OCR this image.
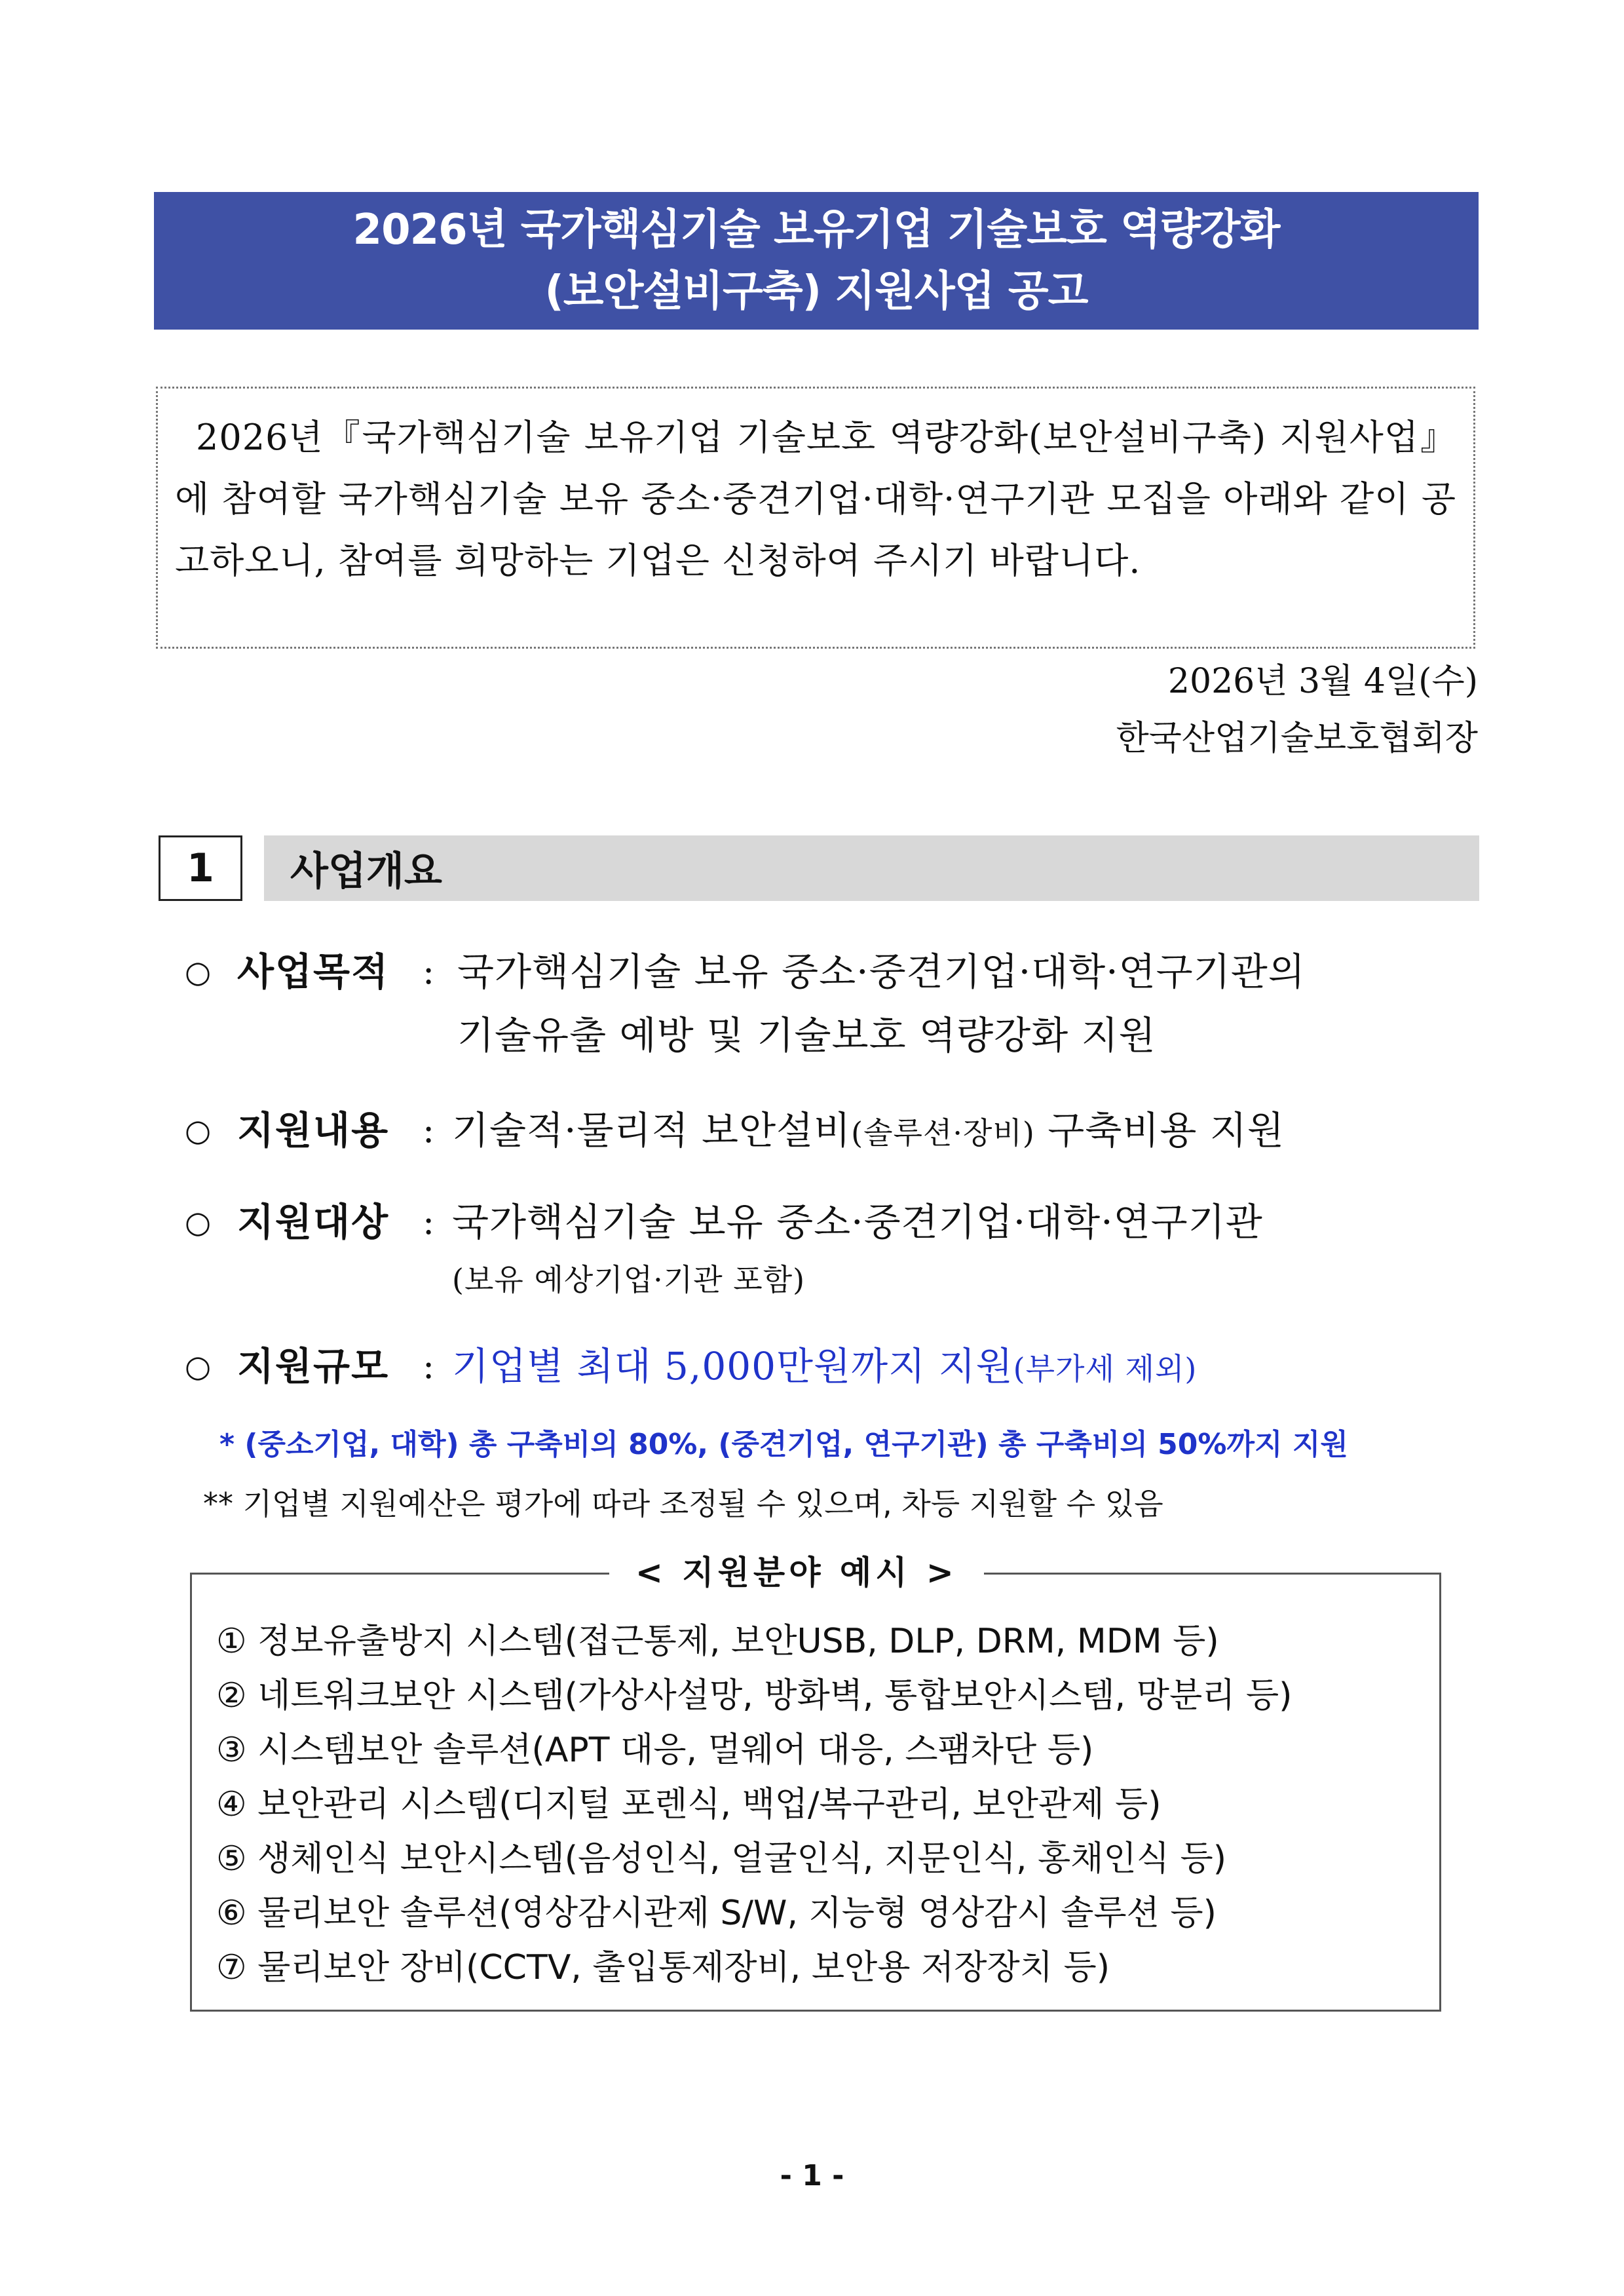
2026년 국가핵심기술 보유기업 기술보호 역량강화
(보안설비구축) 지원사업 공고

2026년『국가핵심기술 보유기업 기술보호 역량강화(보안설비구축) 지원사업』에 참여할 국가핵심기술 보유 중소·중견기업·대학·연구기관 모집을 아래와 같이 공고하오니, 참여를 희망하는 기업은 신청하여 주시기 바랍니다.

2026년 3월 4일(수)
한국산업기술보호협회장
1	사업개요
○ 사업목적 : 국가핵심기술 보유 중소·중견기업·대학·연구기관의
기술유출 예방 및 기술보호 역량강화 지원
○ 지원내용 : 기술적·물리적 보안설비(솔루션·장비) 구축비용 지원
○ 지원대상 : 국가핵심기술 보유 중소·중견기업·대학·연구기관
(보유 예상기업·기관 포함)
○ 지원규모 : 기업별 최대 5,000만원까지 지원(부가세 제외)
* (중소기업, 대학) 총 구축비의 80%, (중견기업, 연구기관) 총 구축비의 50%까지 지원
** 기업별 지원예산은 평가에 따라 조정될 수 있으며, 차등 지원할 수 있음
< 지원분야 예시 >
① 정보유출방지 시스템(접근통제, 보안USB, DLP, DRM, MDM 등)
② 네트워크보안 시스템(가상사설망, 방화벽, 통합보안시스템, 망분리 등)
③ 시스템보안 솔루션(APT 대응, 멀웨어 대응, 스팸차단 등)
④ 보안관리 시스템(디지털 포렌식, 백업/복구관리, 보안관제 등)
⑤ 생체인식 보안시스템(음성인식, 얼굴인식, 지문인식, 홍채인식 등)
⑥ 물리보안 솔루션(영상감시관제 S/W, 지능형 영상감시 솔루션 등)
⑦ 물리보안 장비(CCTV, 출입통제장비, 보안용 저장장치 등)
- 1 -
